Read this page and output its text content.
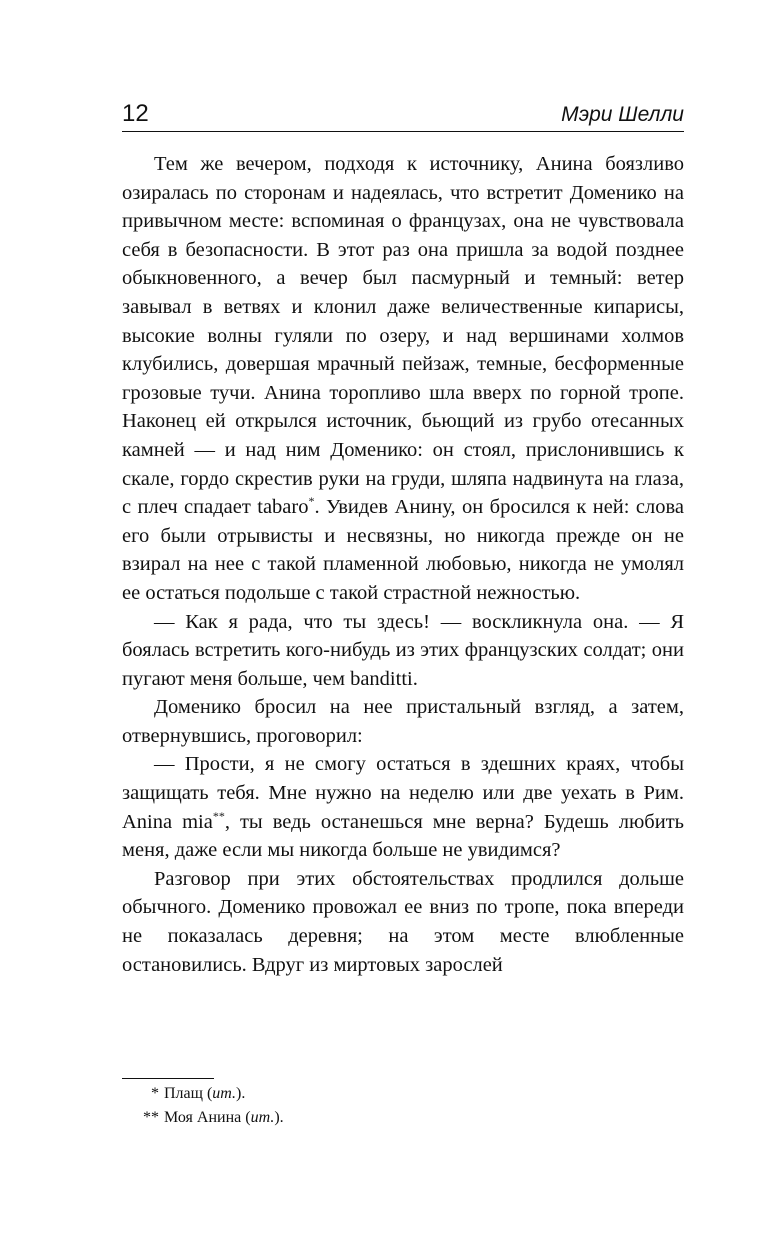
12	Мэри Шелли

Тем же вечером, подходя к источнику, Анина боязливо озиралась по сторонам и надеялась, что встретит Доменико на привычном месте: вспоминая о французах, она не чувствовала себя в безопасности. В этот раз она пришла за водой позднее обыкновенного, а вечер был пасмурный и темный: ветер завывал в ветвях и клонил даже величественные кипарисы, высокие волны гуляли по озеру, и над вершинами холмов клубились, довершая мрачный пейзаж, темные, бесформенные грозовые тучи. Анина торопливо шла вверх по горной тропе. Наконец ей открылся источник, бьющий из грубо отесанных камней — и над ним Доменико: он стоял, прислонившись к скале, гордо скрестив руки на груди, шляпа надвинута на глаза, с плеч спадает tabaro*. Увидев Анину, он бросился к ней: слова его были отрывисты и несвязны, но никогда прежде он не взирал на нее с такой пламенной любовью, никогда не умолял ее остаться подольше с такой страстной нежностью.

— Как я рада, что ты здесь! — воскликнула она. — Я боялась встретить кого-нибудь из этих французских солдат; они пугают меня больше, чем banditti.

Доменико бросил на нее пристальный взгляд, а затем, отвернувшись, проговорил:

— Прости, я не смогу остаться в здешних краях, чтобы защищать тебя. Мне нужно на неделю или две уехать в Рим. Anina mia**, ты ведь останешься мне верна? Будешь любить меня, даже если мы никогда больше не увидимся?

Разговор при этих обстоятельствах продлился дольше обычного. Доменико провожал ее вниз по тропе, пока впереди не показалась деревня; на этом месте влюбленные остановились. Вдруг из миртовых зарослей

* Плащ (ит.).
** Моя Анина (ит.).
